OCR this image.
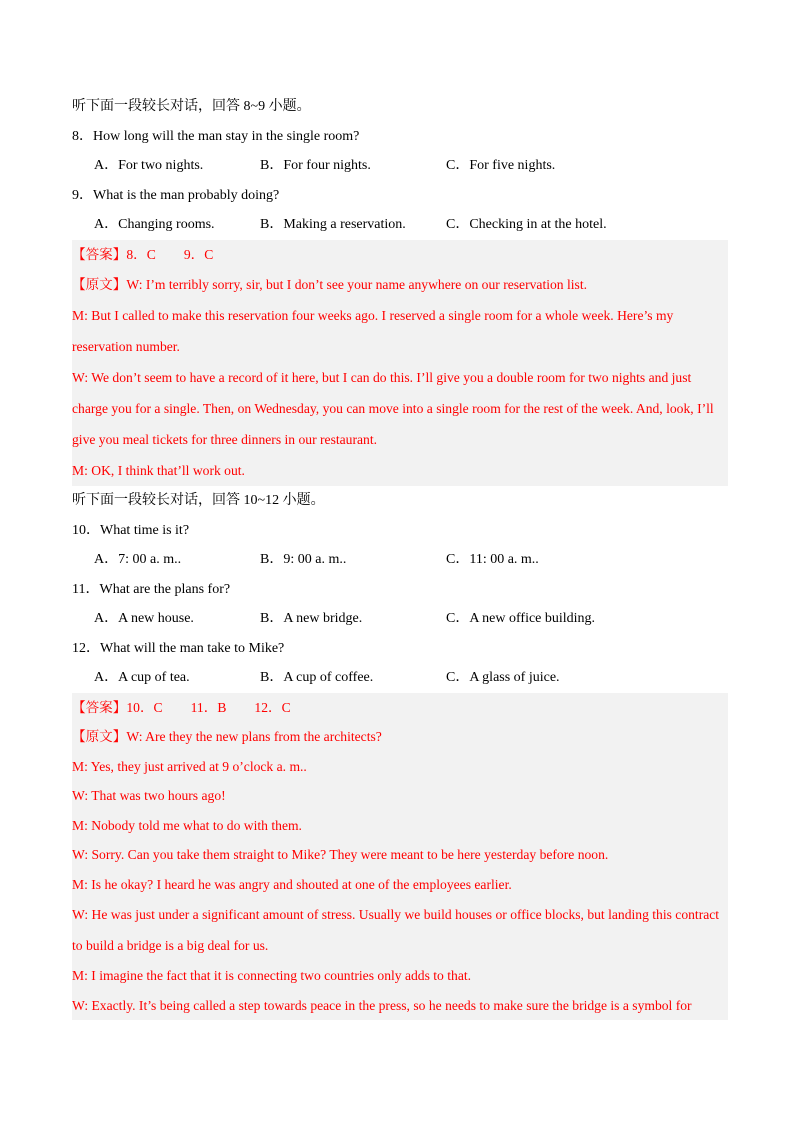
听下面一段较长对话，回答 8~9 小题。
8．How long will the man stay in the single room?
A．For two nights.	B．For four nights.	C．For five nights.
9．What is the man probably doing?
A．Changing rooms.	B．Making a reservation.	C．Checking in at the hotel.
【答案】8．C 9．C
【原文】W: I’m terribly sorry, sir, but I don’t see your name anywhere on our reservation list.
M: But I called to make this reservation four weeks ago. I reserved a single room for a whole week. Here’s my reservation number.
W: We don’t seem to have a record of it here, but I can do this. I’ll give you a double room for two nights and just charge you for a single. Then, on Wednesday, you can move into a single room for the rest of the week. And, look, I’ll give you meal tickets for three dinners in our restaurant.
M: OK, I think that’ll work out.
听下面一段较长对话，回答 10~12 小题。
10．What time is it?
A．7: 00 a. m..	B．9: 00 a. m..	C．11: 00 a. m..
11．What are the plans for?
A．A new house.	B．A new bridge.	C．A new office building.
12．What will the man take to Mike?
A．A cup of tea.	B．A cup of coffee.	C．A glass of juice.
【答案】10．C 11．B 12．C
【原文】W: Are they the new plans from the architects?
M: Yes, they just arrived at 9 o’clock a. m..
W: That was two hours ago!
M: Nobody told me what to do with them.
W: Sorry. Can you take them straight to Mike? They were meant to be here yesterday before noon.
M: Is he okay? I heard he was angry and shouted at one of the employees earlier.
W: He was just under a significant amount of stress. Usually we build houses or office blocks, but landing this contract to build a bridge is a big deal for us.
M: I imagine the fact that it is connecting two countries only adds to that.
W: Exactly. It’s being called a step towards peace in the press, so he needs to make sure the bridge is a symbol for
